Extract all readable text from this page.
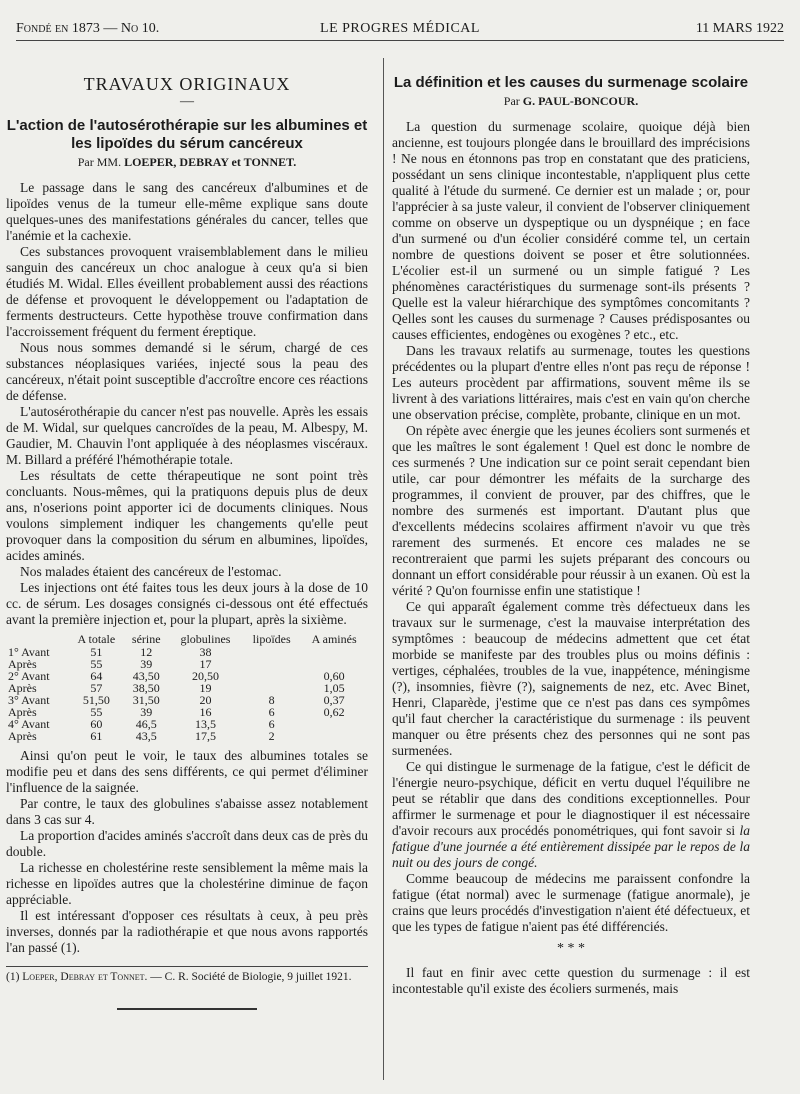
Fondé en 1873 — No 10.	LE PROGRES MÉDICAL	11 MARS 1922
TRAVAUX ORIGINAUX
—
L'action de l'autosérothérapie sur les albumines et les lipoïdes du sérum cancéreux
Par MM. LOEPER, DEBRAY et TONNET.

Le passage dans le sang des cancéreux d'albumines et de lipoïdes venus de la tumeur elle-même explique sans doute quelques-unes des manifestations générales du cancer, telles que l'anémie et la cachexie.

Ces substances provoquent vraisemblablement dans le milieu sanguin des cancéreux un choc analogue à ceux qu'a si bien étudiés M. Widal. Elles éveillent probablement aussi des réactions de défense et provoquent le développement ou l'adaptation de ferments destructeurs. Cette hypothèse trouve confirmation dans l'accroissement fréquent du ferment éreptique.

Nous nous sommes demandé si le sérum, chargé de ces substances néoplasiques variées, injecté sous la peau des cancéreux, n'était point susceptible d'accroître encore ces réactions de défense.

L'autosérothérapie du cancer n'est pas nouvelle. Après les essais de M. Widal, sur quelques cancroïdes de la peau, M. Albespy, M. Gaudier, M. Chauvin l'ont appliquée à des néoplasmes viscéraux. M. Billard a préféré l'hémothérapie totale.

Les résultats de cette thérapeutique ne sont point très concluants. Nous-mêmes, qui la pratiquons depuis plus de deux ans, n'oserions point apporter ici de documents cliniques. Nous voulons simplement indiquer les changements qu'elle peut provoquer dans la composition du sérum en albumines, lipoïdes, acides aminés.

Nos malades étaient des cancéreux de l'estomac.

Les injections ont été faites tous les deux jours à la dose de 10 cc. de sérum. Les dosages consignés ci-dessous ont été effectués avant la première injection et, pour la plupart, après la sixième.

	A totale	sérine	globulines	lipoïdes	A aminés
1° Avant	51	12	38		
Après	55	39	17		
2° Avant	64	43,50	20,50		0,60
Après	57	38,50	19		1,05
3° Avant	51,50	31,50	20	8	0,37
Après	55	39	16	6	0,62
4° Avant	60	46,5	13,5	6	
Après	61	43,5	17,5	2	

Ainsi qu'on peut le voir, le taux des albumines totales se modifie peu et dans des sens différents, ce qui permet d'éliminer l'influence de la saignée.

Par contre, le taux des globulines s'abaisse assez notablement dans 3 cas sur 4.

La proportion d'acides aminés s'accroît dans deux cas de près du double.

La richesse en cholestérine reste sensiblement la même mais la richesse en lipoïdes autres que la cholestérine diminue de façon appréciable.

Il est intéressant d'opposer ces résultats à ceux, à peu près inverses, donnés par la radiothérapie et que nous avons rapportés l'an passé (1).

(1) Loeper, Debray et Tonnet. — C. R. Société de Biologie, 9 juillet 1921.

La définition et les causes du surmenage scolaire
Par G. PAUL-BONCOUR.

La question du surmenage scolaire, quoique déjà bien ancienne, est toujours plongée dans le brouillard des imprécisions ! Ne nous en étonnons pas trop en constatant que des praticiens, possédant un sens clinique incontestable, n'appliquent plus cette qualité à l'étude du surmené. Ce dernier est un malade ; or, pour l'apprécier à sa juste valeur, il convient de l'observer cliniquement comme on observe un dyspeptique ou un dyspnéique ; en face d'un surmené ou d'un écolier considéré comme tel, un certain nombre de questions doivent se poser et être solutionnées. L'écolier est-il un surmené ou un simple fatigué ? Les phénomènes caractéristiques du surmenage sont-ils présents ? Quelle est la valeur hiérarchique des symptômes concomitants ? Qelles sont les causes du surmenage ? Causes prédisposantes ou causes efficientes, endogènes ou exogènes ? etc., etc.

Dans les travaux relatifs au surmenage, toutes les questions précédentes ou la plupart d'entre elles n'ont pas reçu de réponse ! Les auteurs procèdent par affirmations, souvent même ils se livrent à des variations littéraires, mais c'est en vain qu'on cherche une observation précise, complète, probante, clinique en un mot.

On répète avec énergie que les jeunes écoliers sont surmenés et que les maîtres le sont également ! Quel est donc le nombre de ces surmenés ? Une indication sur ce point serait cependant bien utile, car pour démontrer les méfaits de la surcharge des programmes, il convient de prouver, par des chiffres, que le nombre des surmenés est important. D'autant plus que d'excellents médecins scolaires affirment n'avoir vu que très rarement des surmenés. Et encore ces malades ne se recontreraient que parmi les sujets préparant des concours ou donnant un effort considérable pour réussir à un exanen. Où est la vérité ? Qu'on fournisse enfin une statistique !

Ce qui apparaît également comme très défectueux dans les travaux sur le surmenage, c'est la mauvaise interprétation des symptômes : beaucoup de médecins admettent que cet état morbide se manifeste par des troubles plus ou moins définis : vertiges, céphalées, troubles de la vue, inappétence, méningisme (?), insomnies, fièvre (?), saignements de nez, etc. Avec Binet, Henri, Claparède, j'estime que ce n'est pas dans ces sympômes qu'il faut chercher la caractéristique du surmenage : ils peuvent manquer ou être présents chez des personnes qui ne sont pas surmenées.

Ce qui distingue le surmenage de la fatigue, c'est le déficit de l'énergie neuro-psychique, déficit en vertu duquel l'équilibre ne peut se rétablir que dans des conditions exceptionnelles. Pour affirmer le surmenage et pour le diagnostiquer il est nécessaire d'avoir recours aux procédés ponométriques, qui font savoir si la fatigue d'une journée a été entièrement dissipée par le repos de la nuit ou des jours de congé.

Comme beaucoup de médecins me paraissent confondre la fatigue (état normal) avec le surmenage (fatigue anormale), je crains que leurs procédés d'investigation n'aient été défectueux, et que les types de fatigue n'aient pas été différenciés.

* * *

Il faut en finir avec cette question du surmenage : il est incontestable qu'il existe des écoliers surmenés, mais
